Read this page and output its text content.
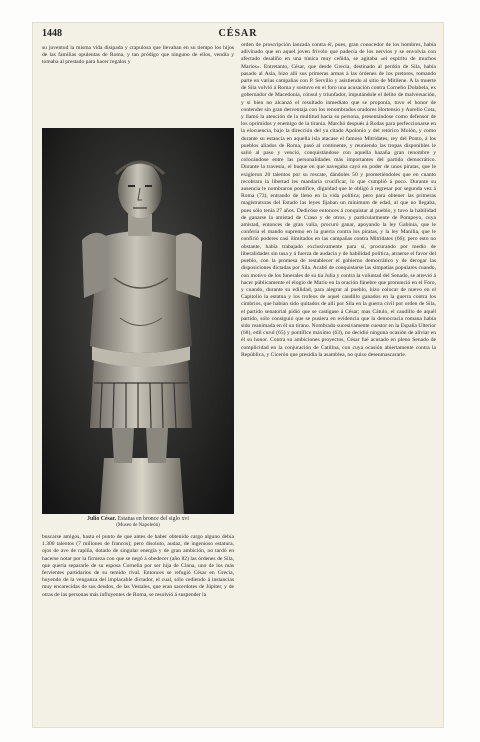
1448	CÉSAR

su juventud la misma vida disipada y crapulosa que llevaban en su tiempo los hijos de las familias opulentas de Roma, y tan pródigo que ninguno de ellos, vendía y tomaba al prestado para hacer regalos y

Julio César. Estatua en bronce del siglo xvi
(Museo de Napoleón)

buscarse amigos, hasta el punto de que antes de haber obtenido cargo alguno debía 1.300 talentos (7 millones de francos); pero disoluto, audaz, de ingenioso estatura, ojos de ave de rapiña, dotado de singular energía y de gran ambición, no tardó en hacerse notar por la firmeza con que se negó á obedecer (año 82) las órdenes de Sila, que quería separarle de su esposa Cornelia por ser hija de Cinna, uno de los más fervientes partidarios de su temido rival. Entonces se refugió César en Grecia, huyendo de la venganza del implacable dictador, el cual, sólo cediendo á instancias muy encarecidas de sus deudos, de las Vestales, que eran sacerdotes de Júpiter, y de otras de las personas más influyentes de Roma, se resolvió á suspender la

orden de proscripción lanzada contra él, pues, gran conocedor de los hombres, había adivinado que en aquel joven frívolo que padecía de los nervios y se envolvía con afectado desaliño en una túnica muy ceñida, se agitaba «el espíritu de muchos Marios». Entretanto, César, que desde Grecia, destinado al perdón de Sila, había pasado al Asia, hizo allí sus primeras armas á las órdenes de los pretores, tomando parte en varias campañas con P. Servilio y asistiendo al sitio de Mitilene. A la muerte de Sila volvió á Roma y sostuvo en el foro una acusación contra Cornelio Dolabela, ex gobernador de Macedonia, cónsul y triunfador, imputándole el delito de malversación, y si bien no alcanzó el resultado inmediato que se proponía, tuvo el honor de contender sin gran desventaja con los renombrados oradores Hortensio y Aurelio Cota, y llamó la atención de la multitud hacia su persona, presentándose como defensor de los oprimidos y enemigo de la tiranía. Marchó después á Rodas para perfeccionarse en la elocuencia, bajo la dirección del ya citado Apolonio y del retórico Molón, y como durante su estancia en aquella isla atacase el famoso Mitrídates, rey del Ponto, á los pueblos aliados de Roma, pasó al continente, y reuniendo las tropas disponibles le salió al paso y venció, conquistándose con aquella hazaña gran renombre y colocándose entre las personalidades más importantes del partido democrático. Durante la travesía, el buque en que navegaba cayó en poder de unos piratas, que le exigieron 20 talentos por su rescate, dándoles 50 y prometiéndoles que en cuanto recobrara la libertad les mandaría crucificar, lo que cumplió á poco. Durante su ausencia le nombraron pontífice, dignidad que le obligó á regresar por segunda vez á Roma (73), entrando de lleno en la vida política; pero para obtener las primeras magistraturas del Estado las leyes fijaban un mínimum de edad, al que no llegaba, pues sólo tenía 27 años. Dedicóse entonces á conquistar al pueblo, y tuvo la habilidad de ganarse la amistad de Craso y de otros, y particularmente de Pompeyo, cuya amistad, entonces de gran valía, procuró ganar, apoyando la ley Gabinia, que le confería el mando supremo en la guerra contra los piratas, y la ley Manilia, que le confirió poderes casi ilimitados en las campañas contra Mitrídates (66); pero esto no obstante, había trabajado exclusivamente para sí, procurando por medio de liberalidades sin tasa y á fuerza de audacia y de habilidad política, atraerse el favor del pueblo, con la promesa de restablecer el gobierno democrático y de derogar las disposiciones dictadas por Sila. Acabó de conquistarse las simpatías populares cuando, con motivo de los funerales de su tía Julia y contra la voluntad del Senado, se atrevió á hacer públicamente el elogio de Mario en la oración fúnebre que pronunció en el Foro, y cuando, durante su edilidad, para alegrar al pueblo, hizo colocar de nuevo en el Capitolio la estatua y los trofeos de aquel caudillo ganados en la guerra contra los cimbrios, que habían sido quitados de allí por Sila en la guerra civil por orden de Sila, el partido senatorial pidió que se castigase á César; mas Cátulo, el caudillo de aquél partido, sólo consiguió que se pusiera en evidencia que la democracia romana había sido reanimada en él un tirano. Nombrado sucesivamente cuestor en la España Ulterior (68), edil curul (65) y pontífice máximo (63), no decidió ninguna ocasión de aliviar en él su honor. Contra su ambiciones proyectos, César fué acusado en pleno Senado de complicidad en la conjuración de Catilina, con cuya ocasión abiertamente contra la República, y Cicerón que presidía la asamblea, no quiso desenmascararle.
